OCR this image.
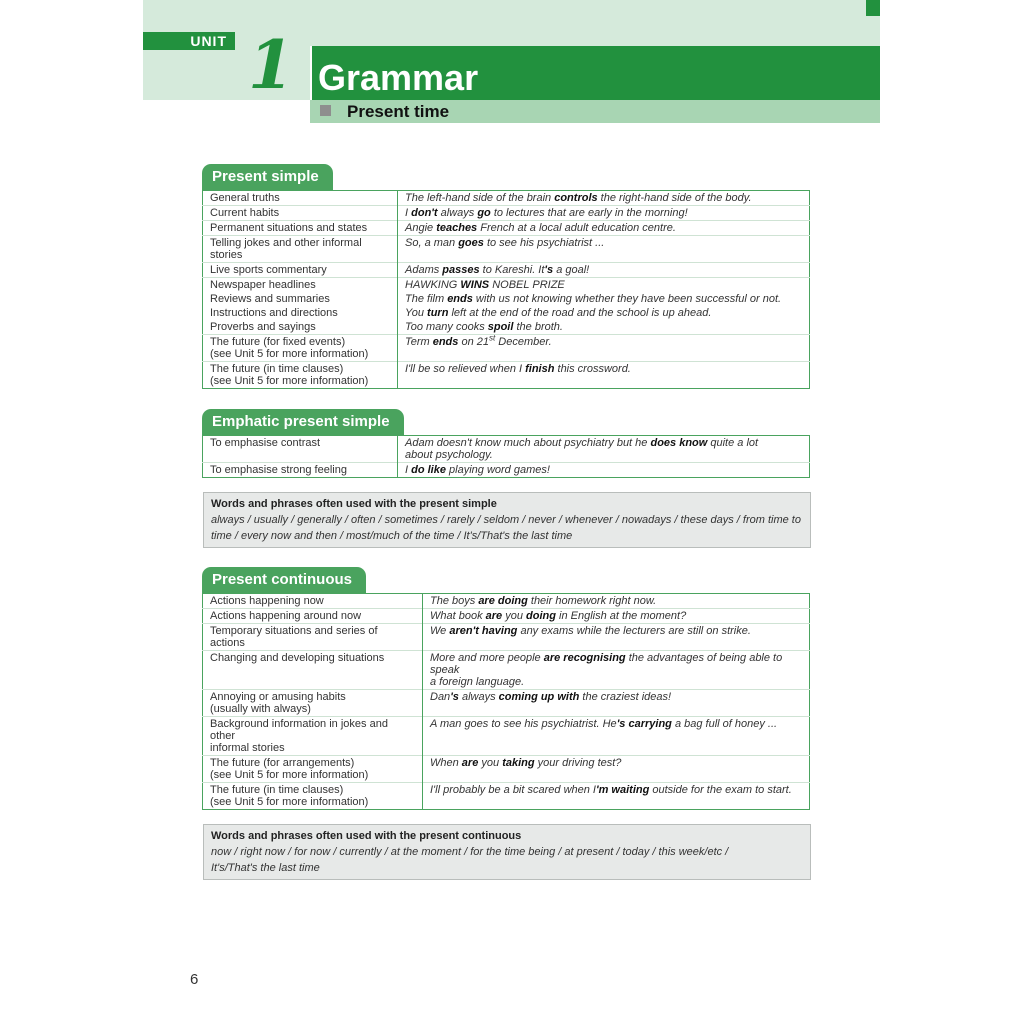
UNIT 1 Grammar
Present time
Present simple
General truths	The left-hand side of the brain controls the right-hand side of the body.
Current habits	I don't always go to lectures that are early in the morning!
Permanent situations and states	Angie teaches French at a local adult education centre.
Telling jokes and other informal stories	So, a man goes to see his psychiatrist ...
Live sports commentary	Adams passes to Kareshi. It's a goal!
Newspaper headlines	HAWKING WINS NOBEL PRIZE
Reviews and summaries	The film ends with us not knowing whether they have been successful or not.
Instructions and directions	You turn left at the end of the road and the school is up ahead.
Proverbs and sayings	Too many cooks spoil the broth.
The future (for fixed events)
(see Unit 5 for more information)	Term ends on 21st December.
The future (in time clauses)
(see Unit 5 for more information)	I'll be so relieved when I finish this crossword.
Emphatic present simple
To emphasise contrast	Adam doesn't know much about psychiatry but he does know quite a lot
about psychology.
To emphasise strong feeling	I do like playing word games!
Words and phrases often used with the present simple
always / usually / generally / often / sometimes / rarely / seldom / never / whenever / nowadays / these days / from time to time / every now and then / most/much of the time / It's/That's the last time
Present continuous
Actions happening now	The boys are doing their homework right now.
Actions happening around now	What book are you doing in English at the moment?
Temporary situations and series of actions	We aren't having any exams while the lecturers are still on strike.
Changing and developing situations	More and more people are recognising the advantages of being able to speak
a foreign language.
Annoying or amusing habits
(usually with always)	Dan's always coming up with the craziest ideas!
Background information in jokes and other
informal stories	A man goes to see his psychiatrist. He's carrying a bag full of honey ...
The future (for arrangements)
(see Unit 5 for more information)	When are you taking your driving test?
The future (in time clauses)
(see Unit 5 for more information)	I'll probably be a bit scared when I'm waiting outside for the exam to start.
Words and phrases often used with the present continuous
now / right now / for now / currently / at the moment / for the time being / at present / today / this week/etc /
It's/That's the last time
6
